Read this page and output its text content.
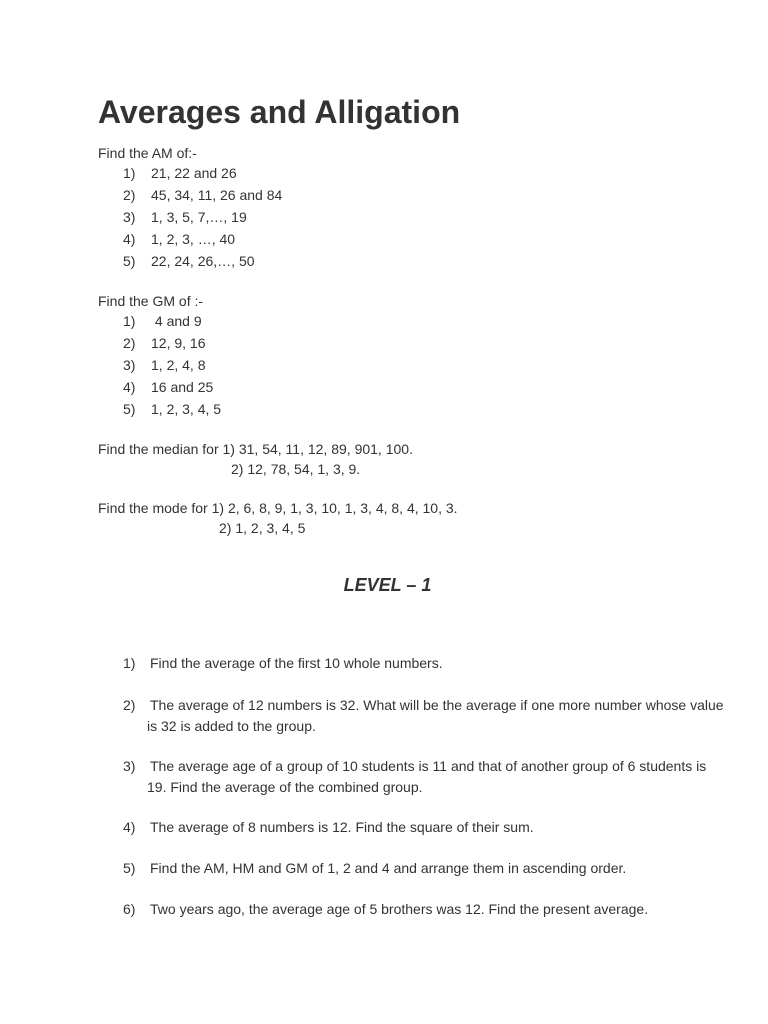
Averages and Alligation
Find the AM of:-
1) 21, 22 and 26
2) 45, 34, 11, 26 and 84
3) 1, 3, 5, 7,…, 19
4) 1, 2, 3, …, 40
5) 22, 24, 26,…, 50
Find the GM of :-
1) 4 and 9
2) 12, 9, 16
3) 1, 2, 4, 8
4) 16 and 25
5) 1, 2, 3, 4, 5
Find the median for 1) 31, 54, 11, 12, 89, 901, 100.
2) 12, 78, 54, 1, 3, 9.
Find the mode for 1) 2, 6, 8, 9, 1, 3, 10, 1, 3, 4, 8, 4, 10, 3.
2) 1, 2, 3, 4, 5
LEVEL – 1
1) Find the average of the first 10 whole numbers.
2) The average of 12 numbers is 32. What will be the average if one more number whose value
is 32 is added to the group.
3) The average age of a group of 10 students is 11 and that of another group of 6 students is
19. Find the average of the combined group.
4) The average of 8 numbers is 12. Find the square of their sum.
5) Find the AM, HM and GM of 1, 2 and 4 and arrange them in ascending order.
6) Two years ago, the average age of 5 brothers was 12. Find the present average.
